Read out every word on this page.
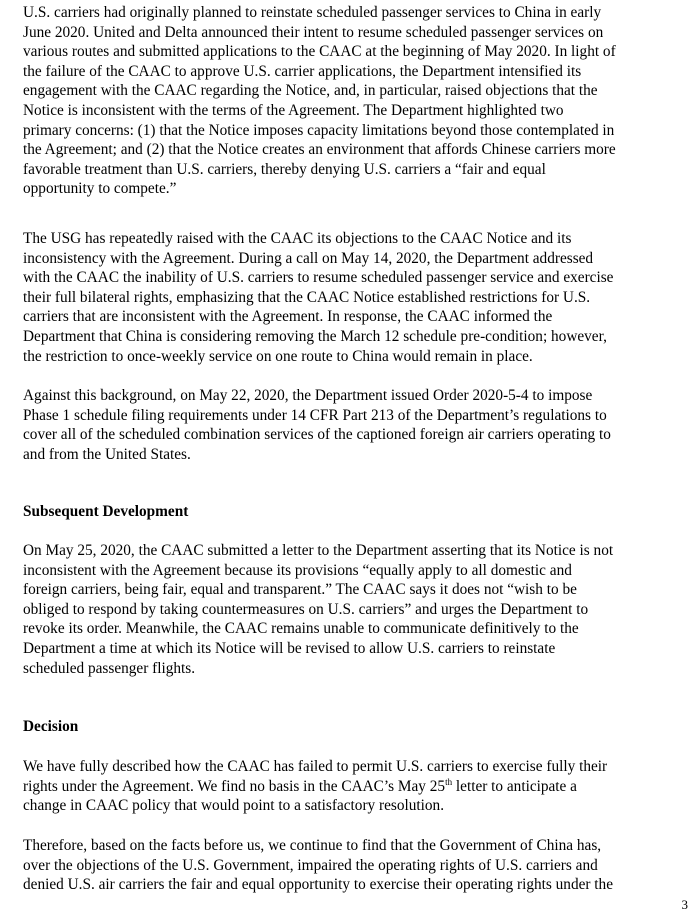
U.S. carriers had originally planned to reinstate scheduled passenger services to China in early
June 2020. United and Delta announced their intent to resume scheduled passenger services on
various routes and submitted applications to the CAAC at the beginning of May 2020. In light of
the failure of the CAAC to approve U.S. carrier applications, the Department intensified its
engagement with the CAAC regarding the Notice, and, in particular, raised objections that the
Notice is inconsistent with the terms of the Agreement. The Department highlighted two
primary concerns: (1) that the Notice imposes capacity limitations beyond those contemplated in
the Agreement; and (2) that the Notice creates an environment that affords Chinese carriers more
favorable treatment than U.S. carriers, thereby denying U.S. carriers a “fair and equal
opportunity to compete.”
The USG has repeatedly raised with the CAAC its objections to the CAAC Notice and its
inconsistency with the Agreement. During a call on May 14, 2020, the Department addressed
with the CAAC the inability of U.S. carriers to resume scheduled passenger service and exercise
their full bilateral rights, emphasizing that the CAAC Notice established restrictions for U.S.
carriers that are inconsistent with the Agreement. In response, the CAAC informed the
Department that China is considering removing the March 12 schedule pre-condition; however,
the restriction to once-weekly service on one route to China would remain in place.
Against this background, on May 22, 2020, the Department issued Order 2020-5-4 to impose
Phase 1 schedule filing requirements under 14 CFR Part 213 of the Department’s regulations to
cover all of the scheduled combination services of the captioned foreign air carriers operating to
and from the United States.
Subsequent Development
On May 25, 2020, the CAAC submitted a letter to the Department asserting that its Notice is not
inconsistent with the Agreement because its provisions “equally apply to all domestic and
foreign carriers, being fair, equal and transparent.” The CAAC says it does not “wish to be
obliged to respond by taking countermeasures on U.S. carriers” and urges the Department to
revoke its order. Meanwhile, the CAAC remains unable to communicate definitively to the
Department a time at which its Notice will be revised to allow U.S. carriers to reinstate
scheduled passenger flights.
Decision
We have fully described how the CAAC has failed to permit U.S. carriers to exercise fully their
rights under the Agreement. We find no basis in the CAAC’s May 25th letter to anticipate a
change in CAAC policy that would point to a satisfactory resolution.
Therefore, based on the facts before us, we continue to find that the Government of China has,
over the objections of the U.S. Government, impaired the operating rights of U.S. carriers and
denied U.S. air carriers the fair and equal opportunity to exercise their operating rights under the
3
